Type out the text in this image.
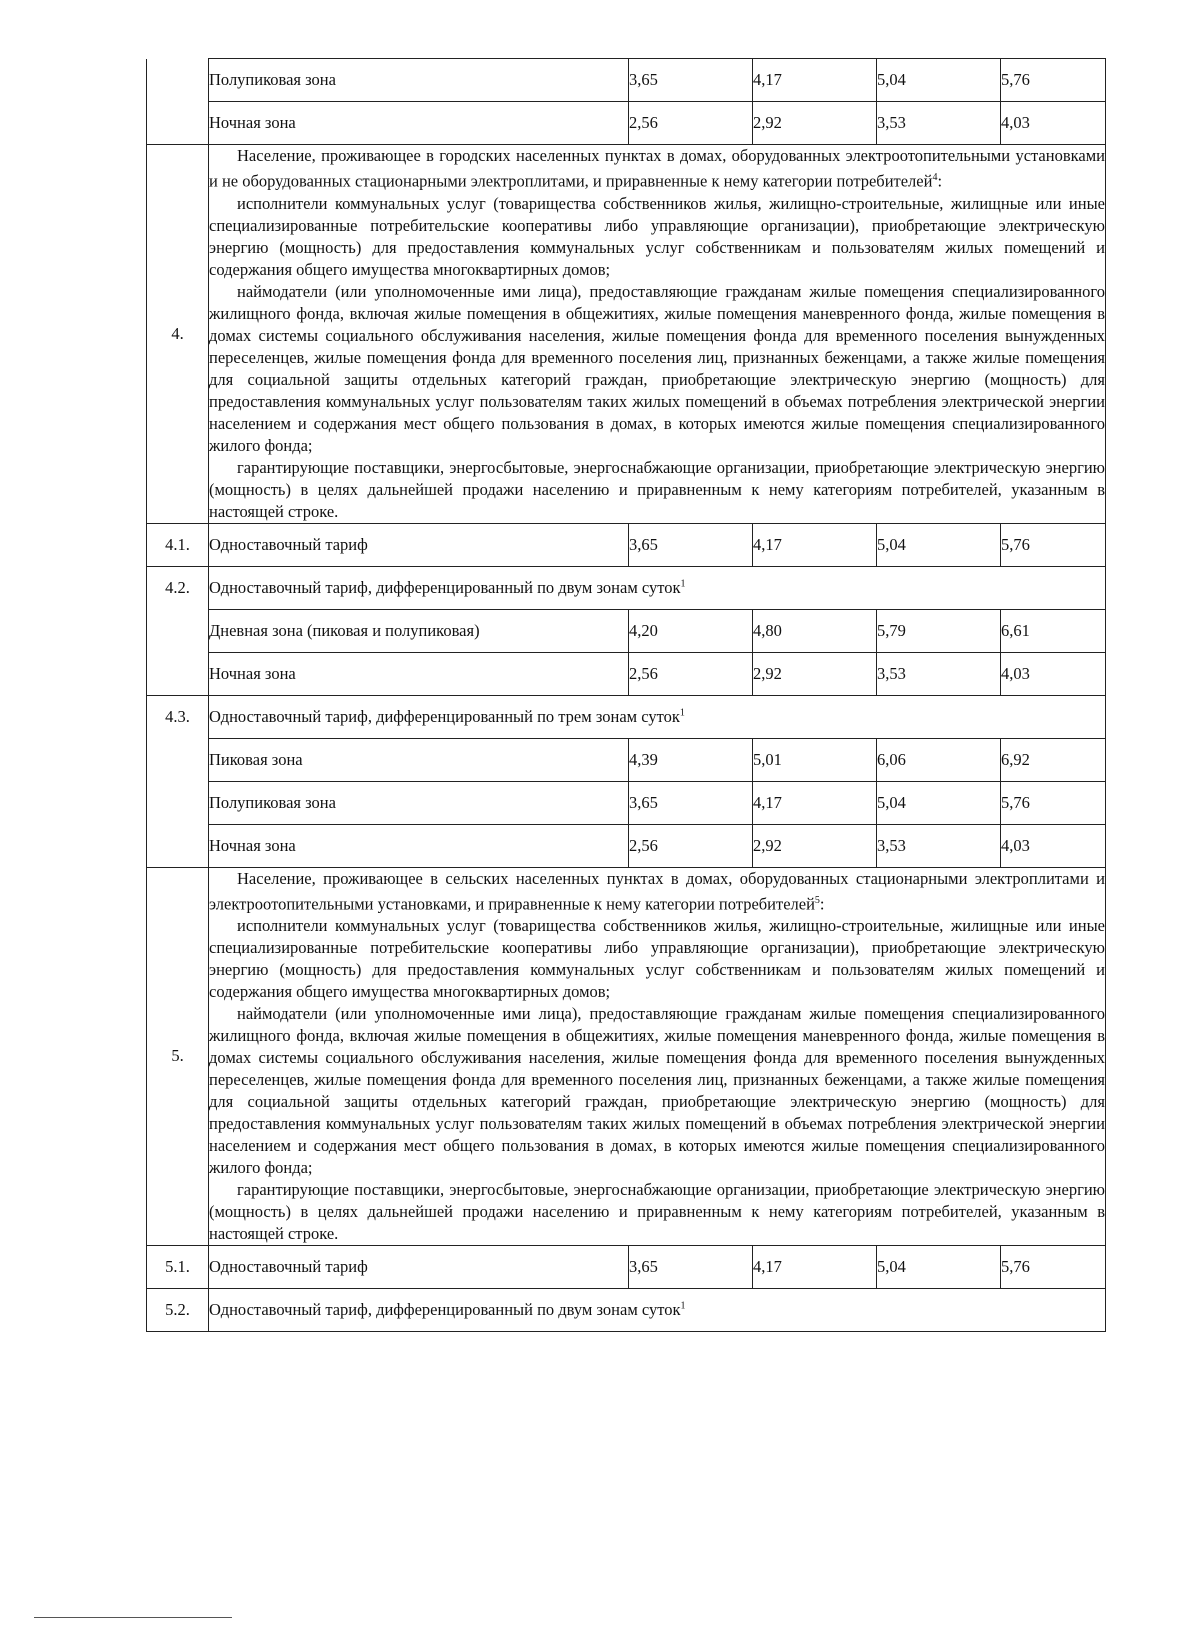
	Полупиковая зона	3,65	4,17	5,04	5,76
	Ночная зона	2,56	2,92	3,53	4,03
4.	Население, проживающее в городских населенных пунктах в домах, оборудованных электроотопительными установками и не оборудованных стационарными электроплитами, и приравненные к нему категории потребителей$^4$:

исполнители коммунальных услуг (товарищества собственников жилья, жилищно-строительные, жилищные или иные специализированные потребительские кооперативы либо управляющие организации), приобретающие электрическую энергию (мощность) для предоставления коммунальных услуг собственникам и пользователям жилых помещений и содержания общего имущества многоквартирных домов;

наймодатели (или уполномоченные ими лица), предоставляющие гражданам жилые помещения специализированного жилищного фонда, включая жилые помещения в общежитиях, жилые помещения маневренного фонда, жилые помещения в домах системы социального обслуживания населения, жилые помещения фонда для временного поселения вынужденных переселенцев, жилые помещения фонда для временного поселения лиц, признанных беженцами, а также жилые помещения для социальной защиты отдельных категорий граждан, приобретающие электрическую энергию (мощность) для предоставления коммунальных услуг пользователям таких жилых помещений в объемах потребления электрической энергии населением и содержания мест общего пользования в домах, в которых имеются жилые помещения специализированного жилого фонда;

гарантирующие поставщики, энергосбытовые, энергоснабжающие организации, приобретающие электрическую энергию (мощность) в целях дальнейшей продажи населению и приравненным к нему категориям потребителей, указанным в настоящей строке.				

4.1.	Одноставочный тариф	3,65	4,17	5,04	5,76
4.2.	Одноставочный тариф, дифференцированный по двум зонам суток$^1$
	Дневная зона (пиковая и полупиковая)	4,20	4,80	5,79	6,61
	Ночная зона	2,56	2,92	3,53	4,03
4.3.	Одноставочный тариф, дифференцированный по трем зонам суток$^1$
	Пиковая зона	4,39	5,01	6,06	6,92
	Полупиковая зона	3,65	4,17	5,04	5,76
	Ночная зона	2,56	2,92	3,53	4,03
5.	Население, проживающее в сельских населенных пунктах в домах, оборудованных стационарными электроплитами и электроотопительными установками, и приравненные к нему категории потребителей$^5$:

исполнители коммунальных услуг (товарищества собственников жилья, жилищно-строительные, жилищные или иные специализированные потребительские кооперативы либо управляющие организации), приобретающие электрическую энергию (мощность) для предоставления коммунальных услуг собственникам и пользователям жилых помещений и содержания общего имущества многоквартирных домов;

наймодатели (или уполномоченные ими лица), предоставляющие гражданам жилые помещения специализированного жилищного фонда, включая жилые помещения в общежитиях, жилые помещения маневренного фонда, жилые помещения в домах системы социального обслуживания населения, жилые помещения фонда для временного поселения вынужденных переселенцев, жилые помещения фонда для временного поселения лиц, признанных беженцами, а также жилые помещения для социальной защиты отдельных категорий граждан, приобретающие электрическую энергию (мощность) для предоставления коммунальных услуг пользователям таких жилых помещений в объемах потребления электрической энергии населением и содержания мест общего пользования в домах, в которых имеются жилые помещения специализированного жилого фонда;

гарантирующие поставщики, энергосбытовые, энергоснабжающие организации, приобретающие электрическую энергию (мощность) в целях дальнейшей продажи населению и приравненным к нему категориям потребителей, указанным в настоящей строке.				

5.1.	Одноставочный тариф	3,65	4,17	5,04	5,76
5.2.	Одноставочный тариф, дифференцированный по двум зонам суток$^1$
